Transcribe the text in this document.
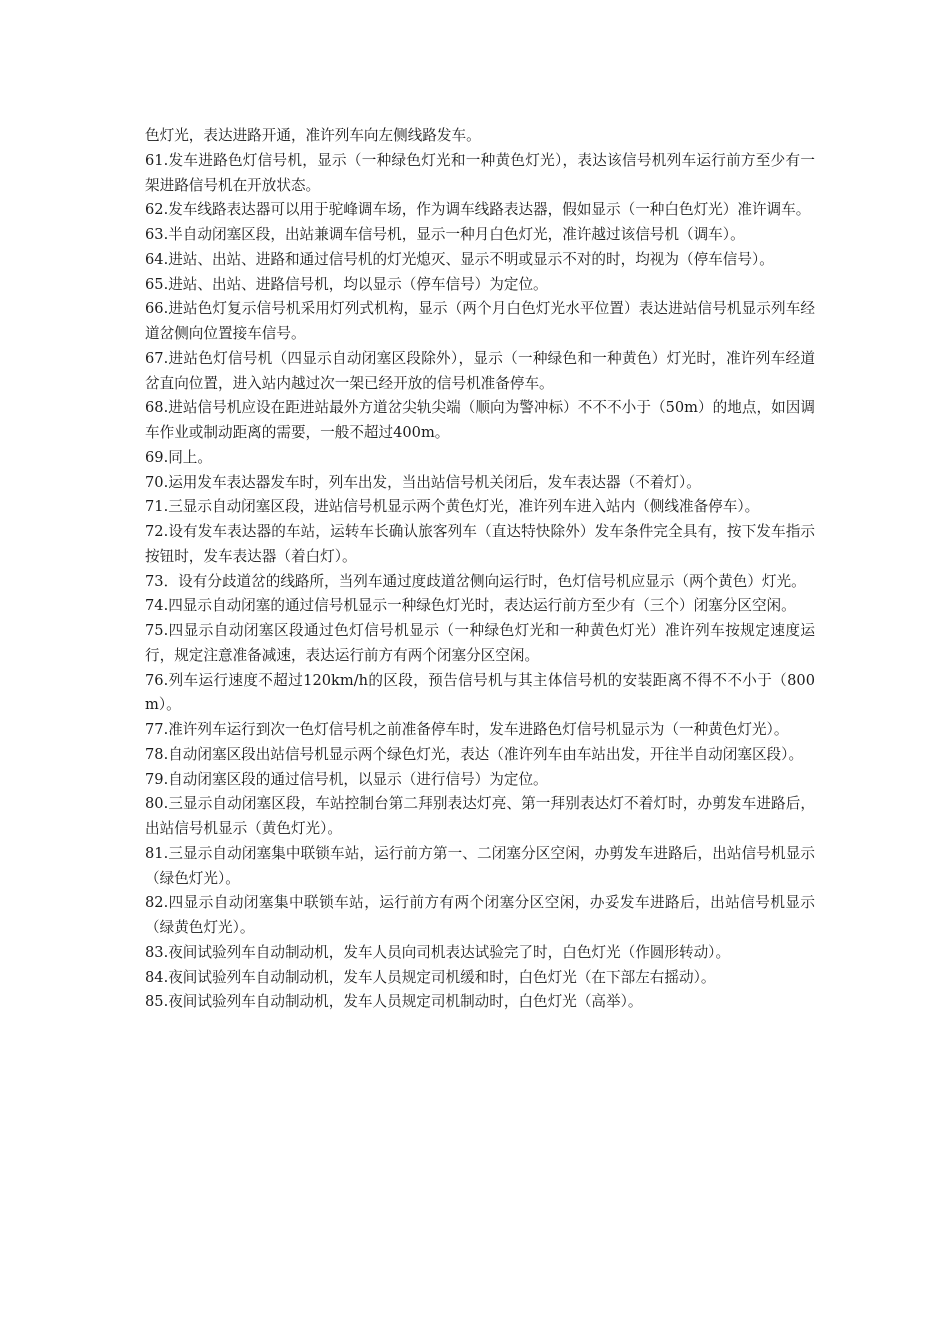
色灯光，表达进路开通，准许列车向左侧线路发车。

61.发车进路色灯信号机，显示（一种绿色灯光和一种黄色灯光），表达该信号机列车运行前方至少有一架进路信号机在开放状态。

62.发车线路表达器可以用于驼峰调车场，作为调车线路表达器，假如显示（一种白色灯光）准许调车。

63.半自动闭塞区段，出站兼调车信号机，显示一种月白色灯光，准许越过该信号机（调车）。

64.进站、出站、进路和通过信号机的灯光熄灭、显示不明或显示不对的时，均视为（停车信号）。

65.进站、出站、进路信号机，均以显示（停车信号）为定位。

66.进站色灯复示信号机采用灯列式机构，显示（两个月白色灯光水平位置）表达进站信号机显示列车经道岔侧向位置接车信号。

67.进站色灯信号机（四显示自动闭塞区段除外），显示（一种绿色和一种黄色）灯光时，准许列车经道岔直向位置，进入站内越过次一架已经开放的信号机准备停车。

68.进站信号机应设在距进站最外方道岔尖轨尖端（顺向为警冲标）不不不小于（50m）的地点，如因调车作业或制动距离的需要，一般不超过400m。

69.同上。

70.运用发车表达器发车时，列车出发，当出站信号机关闭后，发车表达器（不着灯）。

71.三显示自动闭塞区段，进站信号机显示两个黄色灯光，准许列车进入站内（侧线准备停车）。

72.设有发车表达器的车站，运转车长确认旅客列车（直达特快除外）发车条件完全具有，按下发车指示按钮时，发车表达器（着白灯）。

73．设有分歧道岔的线路所，当列车通过度歧道岔侧向运行时，色灯信号机应显示（两个黄色）灯光。

74.四显示自动闭塞的通过信号机显示一种绿色灯光时，表达运行前方至少有（三个）闭塞分区空闲。

75.四显示自动闭塞区段通过色灯信号机显示（一种绿色灯光和一种黄色灯光）准许列车按规定速度运行，规定注意准备减速，表达运行前方有两个闭塞分区空闲。

76.列车运行速度不超过120km/h的区段，预告信号机与其主体信号机的安装距离不得不不小于（800m）。

77.准许列车运行到次一色灯信号机之前准备停车时，发车进路色灯信号机显示为（一种黄色灯光）。

78.自动闭塞区段出站信号机显示两个绿色灯光，表达（准许列车由车站出发，开往半自动闭塞区段）。

79.自动闭塞区段的通过信号机，以显示（进行信号）为定位。

80.三显示自动闭塞区段，车站控制台第二拜别表达灯亮、第一拜别表达灯不着灯时，办剪发车进路后，出站信号机显示（黄色灯光）。

81.三显示自动闭塞集中联锁车站，运行前方第一、二闭塞分区空闲，办剪发车进路后，出站信号机显示（绿色灯光）。

82.四显示自动闭塞集中联锁车站，运行前方有两个闭塞分区空闲，办妥发车进路后，出站信号机显示（绿黄色灯光）。

83.夜间试验列车自动制动机，发车人员向司机表达试验完了时，白色灯光（作圆形转动）。

84.夜间试验列车自动制动机，发车人员规定司机缓和时，白色灯光（在下部左右摇动）。

85.夜间试验列车自动制动机，发车人员规定司机制动时，白色灯光（高举）。
